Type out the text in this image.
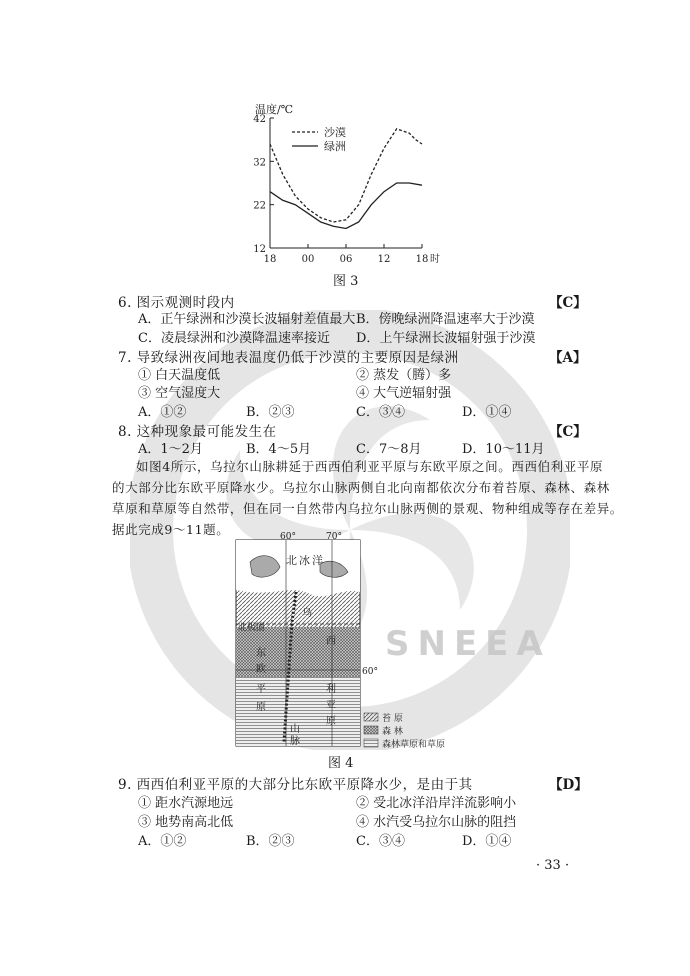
SNEEA
温度/℃
42
32
22
12
18	00	06	12	18 时
沙漠
绿洲
图 3
6. 图示观测时段内	【C】
A．正午绿洲和沙漠长波辐射差值最大 B．傍晚绿洲降温速率大于沙漠
C．凌晨绿洲和沙漠降温速率接近 D．上午绿洲长波辐射强于沙漠
7. 导致绿洲夜间地表温度仍低于沙漠的主要原因是绿洲	【A】
① 白天温度低	② 蒸发（腾）多
③ 空气湿度大	④ 大气逆辐射强
A．①②	B．②③	C．③④	D．①④
8. 这种现象最可能发生在	【C】
A．1～2月	B．4～5月	C．7～8月	D．10～11月
如图4所示，乌拉尔山脉耕延于西西伯利亚平原与东欧平原之间。西西伯利亚平原
的大部分比东欧平原降水少。乌拉尔山脉两侧自北向南都依次分布着苔原、森林、森林
草原和草原等自然带，但在同一自然带内乌拉尔山脉两侧的景观、物种组成等存在差异。
据此完成9～11题。	60°	70°
60°
北冰洋
北极圈
乌
西
利
亚
原
平
东
欧
原
山
脉
苔 原
森 林
森林草原和草原
图 4
9. 西西伯利亚平原的大部分比东欧平原降水少，是由于其	【D】
① 距水汽源地远	② 受北冰洋沿岸洋流影响小
③ 地势南高北低	④ 水汽受乌拉尔山脉的阻挡
A．①②	B．②③	C．③④	D．①④
· 33 ·
